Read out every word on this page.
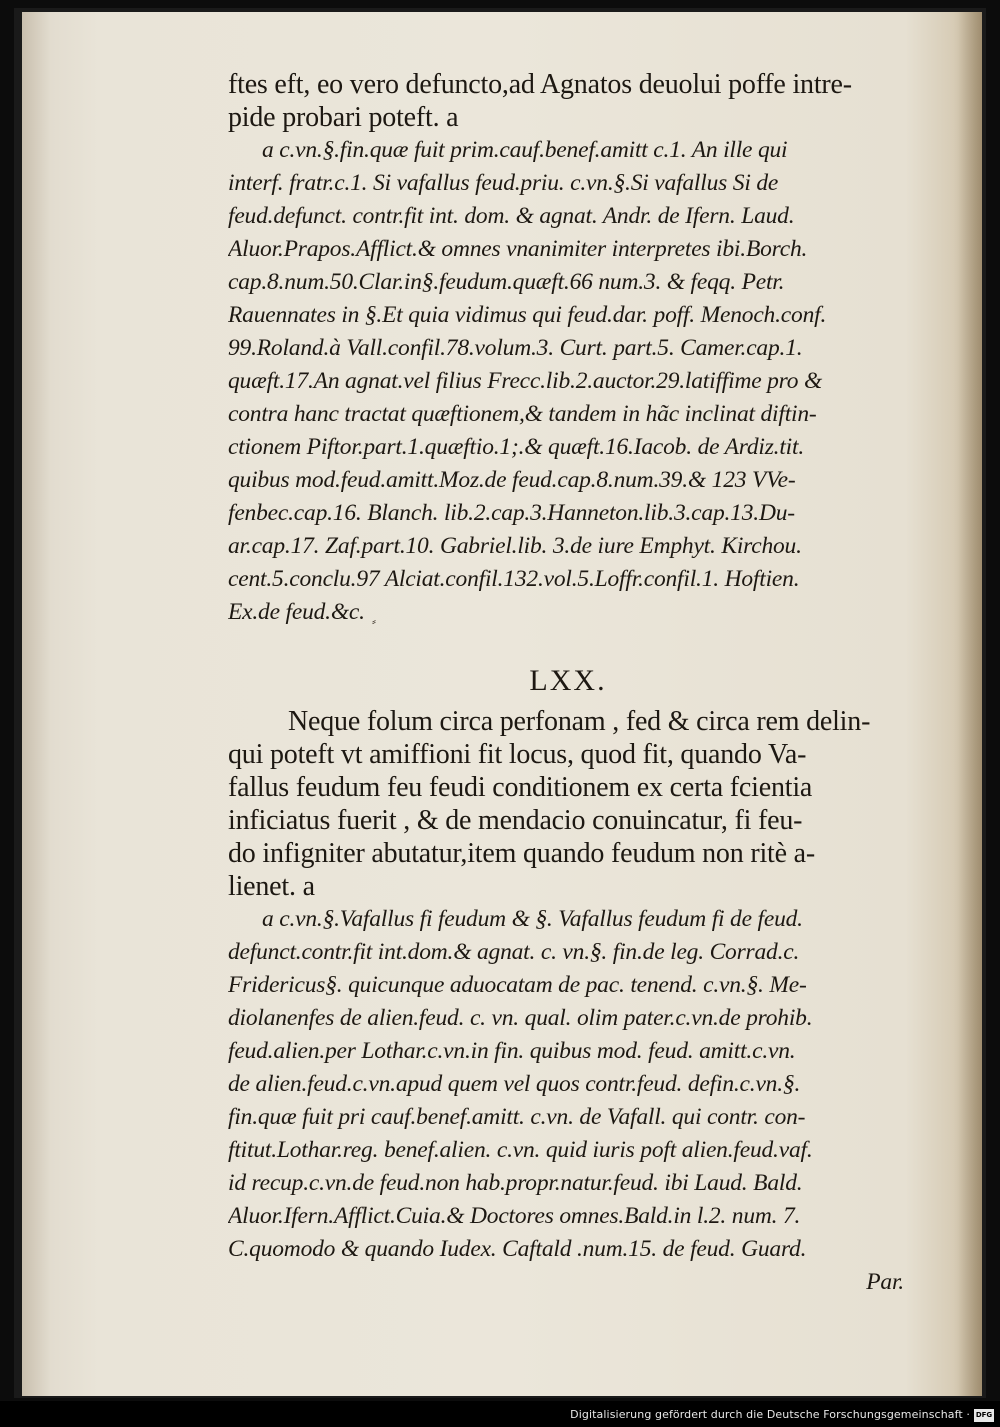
⸗

ftes eft, eo vero defuncto,ad Agnatos deuolui poffe intre-

pide probari poteft. a

a c.vn.§.fin.quæ fuit prim.cauf.benef.amitt c.1. An ille qui

interf. fratr.c.1. Si vafallus feud.priu. c.vn.§.Si vafallus Si de

feud.defunct. contr.fit int. dom. & agnat. Andr. de Ifern. Laud.

Aluor.Prapos.Afflict.& omnes vnanimiter interpretes ibi.Borch.

cap.8.num.50.Clar.in§.feudum.quæft.66 num.3. & feqq. Petr.

Rauennates in §.Et quia vidimus qui feud.dar. poff. Menoch.conf.

99.Roland.à Vall.confil.78.volum.3. Curt. part.5. Camer.cap.1.

quæft.17.An agnat.vel filius Frecc.lib.2.auctor.29.latiffime pro &

contra hanc tractat quæftionem,& tandem in hãc inclinat diftin-

ctionem Piftor.part.1.quæftio.1;.& quæft.16.Iacob. de Ardiz.tit.

quibus mod.feud.amitt.Moz.de feud.cap.8.num.39.& 123 VVe-

fenbec.cap.16. Blanch. lib.2.cap.3.Hanneton.lib.3.cap.13.Du-

ar.cap.17. Zaf.part.10. Gabriel.lib. 3.de iure Emphyt. Kirchou.

cent.5.conclu.97 Alciat.confil.132.vol.5.Loffr.confil.1. Hoftien.

Ex.de feud.&c.

LXX.

Neque folum circa perfonam , fed & circa rem delin-

qui poteft vt amiffioni fit locus, quod fit, quando Va-

fallus feudum feu feudi conditionem ex certa fcientia

inficiatus fuerit , & de mendacio conuincatur, fi feu-

do infigniter abutatur,item quando feudum non ritè a-

lienet. a

a c.vn.§.Vafallus fi feudum & §. Vafallus feudum fi de feud.

defunct.contr.fit int.dom.& agnat. c. vn.§. fin.de leg. Corrad.c.

Fridericus§. quicunque aduocatam de pac. tenend. c.vn.§. Me-

diolanenfes de alien.feud. c. vn. qual. olim pater.c.vn.de prohib.

feud.alien.per Lothar.c.vn.in fin. quibus mod. feud. amitt.c.vn.

de alien.feud.c.vn.apud quem vel quos contr.feud. defin.c.vn.§.

fin.quæ fuit pri cauf.benef.amitt. c.vn. de Vafall. qui contr. con-

ftitut.Lothar.reg. benef.alien. c.vn. quid iuris poft alien.feud.vaf.

id recup.c.vn.de feud.non hab.propr.natur.feud. ibi Laud. Bald.

Aluor.Ifern.Afflict.Cuia.& Doctores omnes.Bald.in l.2. num. 7.

C.quomodo & quando Iudex. Caftald .num.15. de feud. Guard.

Par.

Digitalisierung gefördert durch die Deutsche Forschungsgemeinschaft · DFG
